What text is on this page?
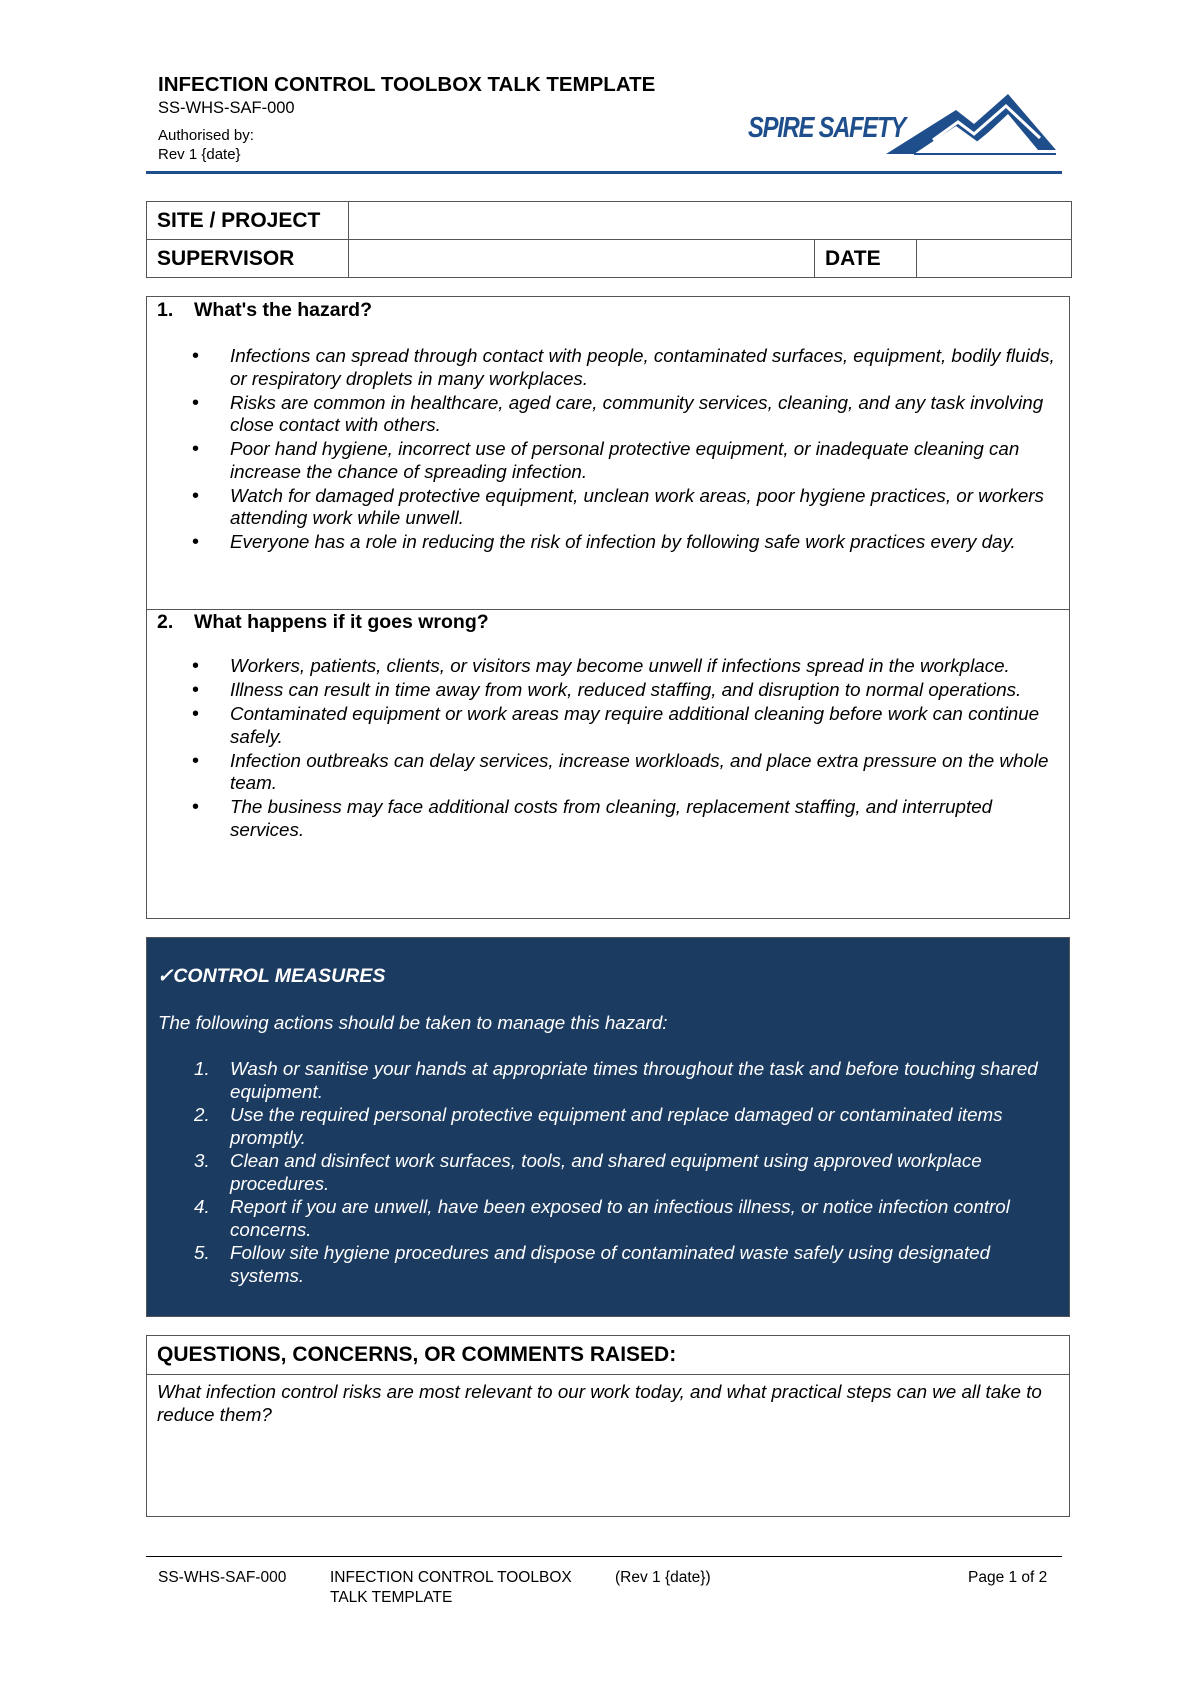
INFECTION CONTROL TOOLBOX TALK TEMPLATE
SS-WHS-SAF-000
Authorised by:
Rev 1 {date}
SPIRE SAFETY
SITE / PROJECT			
SUPERVISOR		DATE	
1. What's the hazard?
• Infections can spread through contact with people, contaminated surfaces, equipment, bodily fluids, or respiratory droplets in many workplaces.
• Risks are common in healthcare, aged care, community services, cleaning, and any task involving close contact with others.
• Poor hand hygiene, incorrect use of personal protective equipment, or inadequate cleaning can increase the chance of spreading infection.
• Watch for damaged protective equipment, unclean work areas, poor hygiene practices, or workers attending work while unwell.
• Everyone has a role in reducing the risk of infection by following safe work practices every day.
2. What happens if it goes wrong?
• Workers, patients, clients, or visitors may become unwell if infections spread in the workplace.
• Illness can result in time away from work, reduced staffing, and disruption to normal operations.
• Contaminated equipment or work areas may require additional cleaning before work can continue safely.
• Infection outbreaks can delay services, increase workloads, and place extra pressure on the whole team.
• The business may face additional costs from cleaning, replacement staffing, and interrupted services.
✓CONTROL MEASURES
The following actions should be taken to manage this hazard:
1. Wash or sanitise your hands at appropriate times throughout the task and before touching shared equipment.
2. Use the required personal protective equipment and replace damaged or contaminated items promptly.
3. Clean and disinfect work surfaces, tools, and shared equipment using approved workplace procedures.
4. Report if you are unwell, have been exposed to an infectious illness, or notice infection control concerns.
5. Follow site hygiene procedures and dispose of contaminated waste safely using designated systems.
QUESTIONS, CONCERNS, OR COMMENTS RAISED:
What infection control risks are most relevant to our work today, and what practical steps can we all take to reduce them?
SS-WHS-SAF-000	INFECTION CONTROL TOOLBOX TALK TEMPLATE
(Rev 1 {date})	Page 1 of 2
